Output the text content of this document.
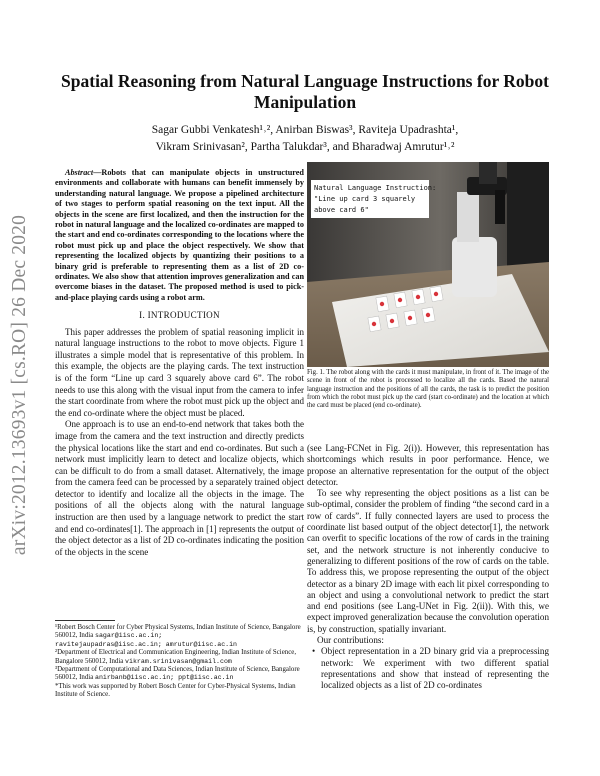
arXiv:2012.13693v1 [cs.RO] 26 Dec 2020
Spatial Reasoning from Natural Language Instructions for Robot Manipulation

Sagar Gubbi Venkatesh¹˒², Anirban Biswas³, Raviteja Upadrashta¹,

Vikram Srinivasan², Partha Talukdar³, and Bharadwaj Amrutur¹˒²

Abstract—Robots that can manipulate objects in unstructured environments and collaborate with humans can benefit immensely by understanding natural language. We propose a pipelined architecture of two stages to perform spatial reasoning on the text input. All the objects in the scene are first localized, and then the instruction for the robot in natural language and the localized co-ordinates are mapped to the start and end co-ordinates corresponding to the locations where the robot must pick up and place the object respectively. We show that representing the localized objects by quantizing their positions to a binary grid is preferable to representing them as a list of 2D co-ordinates. We also show that attention improves generalization and can overcome biases in the dataset. The proposed method is used to pick-and-place playing cards using a robot arm.

I. INTRODUCTION

This paper addresses the problem of spatial reasoning implicit in natural language instructions to the robot to move objects. Figure 1 illustrates a simple model that is representative of this problem. In this example, the objects are the playing cards. The text instruction is of the form “Line up card 3 squarely above card 6”. The robot needs to use this along with the visual input from the camera to infer the start coordinate from where the robot must pick up the object and the end co-ordinate where the object must be placed.

One approach is to use an end-to-end network that takes both the image from the camera and the text instruction and directly predicts the physical locations like the start and end co-ordinates. But such a network must implicitly learn to detect and localize objects, which can be difficult to do from a small dataset. Alternatively, the image from the camera feed can be processed by a separately trained object detector to identify and localize all the objects in the image. The positions of all the objects along with the natural language instruction are then used by a language network to predict the start and end co-ordinates[1]. The approach in [1] represents the output of the object detector as a list of 2D co-ordinates indicating the position of the objects in the scene

¹Robert Bosch Center for Cyber Physical Systems, Indian Institute of Science, Bangalore 560012, India sagar@iisc.ac.in;
ravitejaupadras@iisc.ac.in; amrutur@iisc.ac.in

²Department of Electrical and Communication Engineering, Indian Institute of Science, Bangalore 560012, India vikram.srinivasan@gmail.com

³Department of Computational and Data Sciences, Indian Institute of Science, Bangalore 560012, India anirbanb@iisc.ac.in; ppt@iisc.ac.in

*This work was supported by Robert Bosch Center for Cyber-Physical Systems, Indian Institute of Science.

Natural Language Instruction:
"Line up card 3 squarely
above card 6"

Fig. 1. The robot along with the cards it must manipulate, in front of it. The image of the scene in front of the robot is processed to localize all the cards. Based the natural language instruction and the positions of all the cards, the task is to predict the position from which the robot must pick up the card (start co-ordinate) and the location at which the card must be placed (end co-ordinate).

(see Lang-FCNet in Fig. 2(i)). However, this representation has shortcomings which results in poor performance. Hence, we propose an alternative representation for the output of the object detector.

To see why representing the object positions as a list can be sub-optimal, consider the problem of finding “the second card in a row of cards”. If fully connected layers are used to process the coordinate list based output of the object detector[1], the network can overfit to specific locations of the row of cards in the training set, and the network structure is not inherently conducive to generalizing to different positions of the row of cards on the table. To address this, we propose representing the output of the object detector as a binary 2D image with each lit pixel corresponding to an object and using a convolutional network to predict the start and end positions (see Lang-UNet in Fig. 2(ii)). With this, we expect improved generalization because the convolution operation is, by construction, spatially invariant.

Our contributions:

• Object representation in a 2D binary grid via a preprocessing network: We experiment with two different spatial representations and show that instead of representing the localized objects as a list of 2D co-ordinates
